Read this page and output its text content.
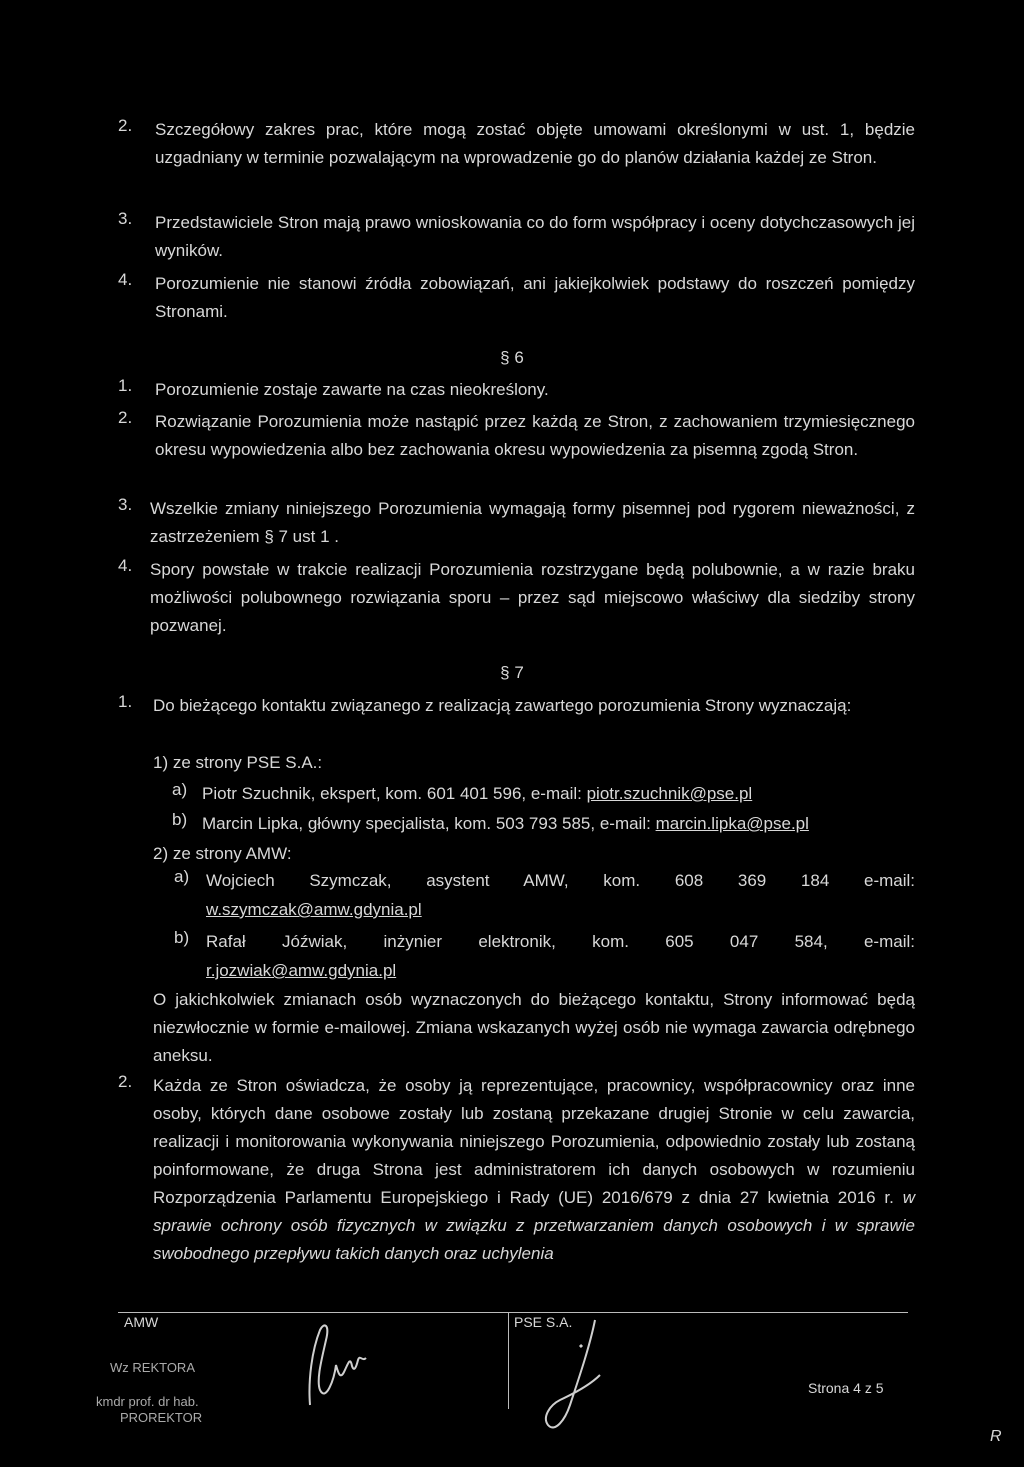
2. Szczegółowy zakres prac, które mogą zostać objęte umowami określonymi w ust. 1, będzie uzgadniany w terminie pozwalającym na wprowadzenie go do planów działania każdej ze Stron.
3. Przedstawiciele Stron mają prawo wnioskowania co do form współpracy i oceny dotychczasowych jej wyników.
4. Porozumienie nie stanowi źródła zobowiązań, ani jakiejkolwiek podstawy do roszczeń pomiędzy Stronami.
§ 6
1. Porozumienie zostaje zawarte na czas nieokreślony.
2. Rozwiązanie Porozumienia może nastąpić przez każdą ze Stron, z zachowaniem trzymiesięcznego okresu wypowiedzenia albo bez zachowania okresu wypowiedzenia za pisemną zgodą Stron.
3. Wszelkie zmiany niniejszego Porozumienia wymagają formy pisemnej pod rygorem nieważności, z zastrzeżeniem § 7 ust 1 .
4. Spory powstałe w trakcie realizacji Porozumienia rozstrzygane będą polubownie, a w razie braku możliwości polubownego rozwiązania sporu – przez sąd miejscowo właściwy dla siedziby strony pozwanej.
§ 7
1. Do bieżącego kontaktu związanego z realizacją zawartego porozumienia Strony wyznaczają:
1) ze strony PSE S.A.:
a) Piotr Szuchnik, ekspert, kom. 601 401 596, e-mail: piotr.szuchnik@pse.pl
b) Marcin Lipka, główny specjalista, kom. 503 793 585, e-mail: marcin.lipka@pse.pl
2) ze strony AMW:
a) Wojciech Szymczak, asystent AMW, kom. 608 369 184 e-mail:
w.szymczak@amw.gdynia.pl
b) Rafał Jóźwiak, inżynier elektronik, kom. 605 047 584, e-mail:
r.jozwiak@amw.gdynia.pl
O jakichkolwiek zmianach osób wyznaczonych do bieżącego kontaktu, Strony informować będą niezwłocznie w formie e-mailowej. Zmiana wskazanych wyżej osób nie wymaga zawarcia odrębnego aneksu.
2. Każda ze Stron oświadcza, że osoby ją reprezentujące, pracownicy, współpracownicy oraz inne osoby, których dane osobowe zostały lub zostaną przekazane drugiej Stronie w celu zawarcia, realizacji i monitorowania wykonywania niniejszego Porozumienia, odpowiednio zostały lub zostaną poinformowane, że druga Strona jest administratorem ich danych osobowych w rozumieniu Rozporządzenia Parlamentu Europejskiego i Rady (UE) 2016/679 z dnia 27 kwietnia 2016 r. w sprawie ochrony osób fizycznych w związku z przetwarzaniem danych osobowych i w sprawie swobodnego przepływu takich danych oraz uchylenia
AMW	PSE S.A.
Wz REKTORA
kmdr prof. dr hab.
PROREKTOR
Strona 4 z 5
R
